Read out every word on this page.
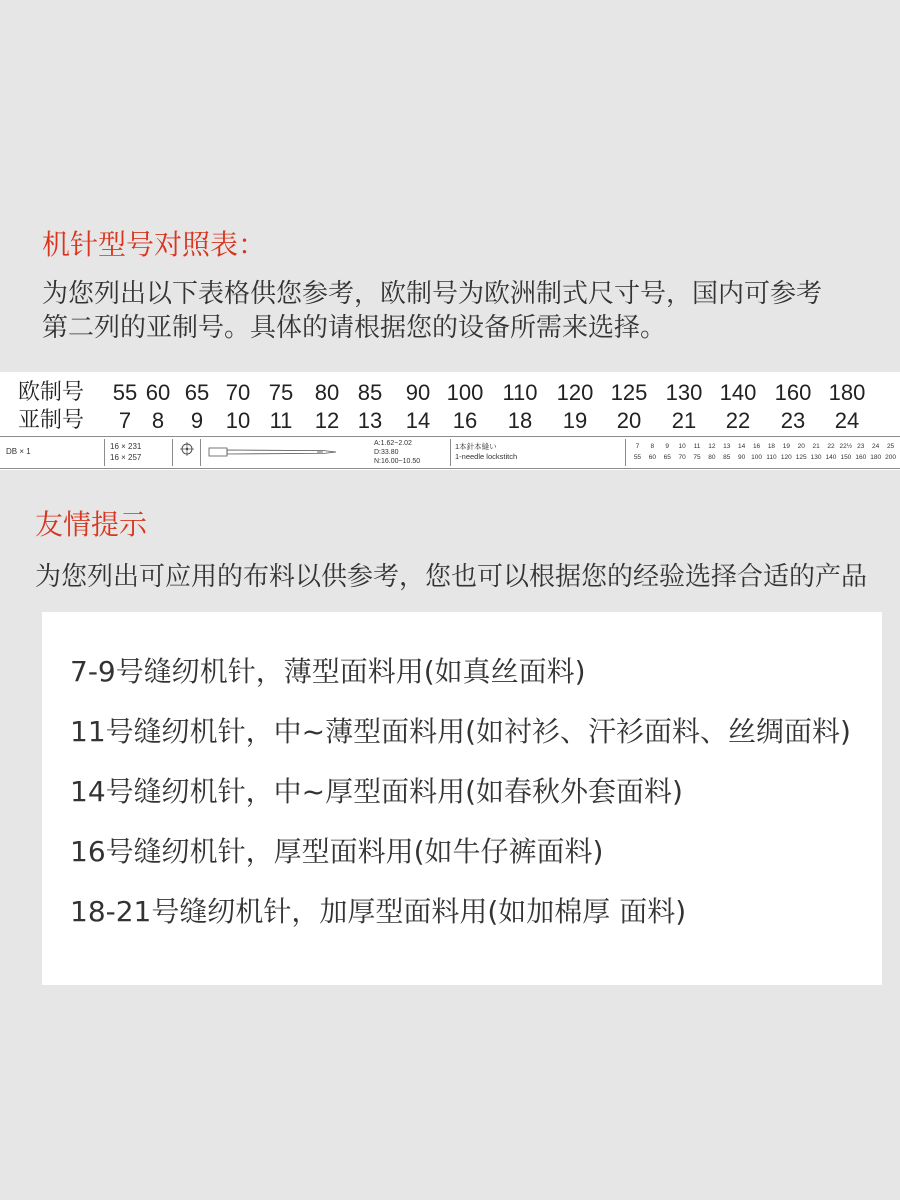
机针型号对照表：
为您列出以下表格供您参考，欧制号为欧洲制式尺寸号，国内可参考
第二列的亚制号。具体的请根据您的设备所需来选择。
欧制号	55 60 65 70 75 80 85	90 100 110 120 125 130 140 160 180
亚制号	7 8	9	10 11	12 13	14	16	18	19	20	21	22	23	24
DB × 1
16 × 231
16 × 257
A:1.62~2.02
D:33.80
N:16.00~10.50
1本針本縫い
1-needle lockstitch
7	8	9	10	11	12	13	14	16	18	19	20	21	22 22½ 23	24	25
55	60	65	70	75	80	85	90 100 110 120 125 130 140 150 160 180 200
友情提示
为您列出可应用的布料以供参考，您也可以根据您的经验选择合适的产品
7-9号缝纫机针，薄型面料用(如真丝面料)
11号缝纫机针，中~薄型面料用(如衬衫、汗衫面料、丝绸面料)
14号缝纫机针，中~厚型面料用(如春秋外套面料)
16号缝纫机针，厚型面料用(如牛仔裤面料)
18-21号缝纫机针，加厚型面料用(如加棉厚 面料)
